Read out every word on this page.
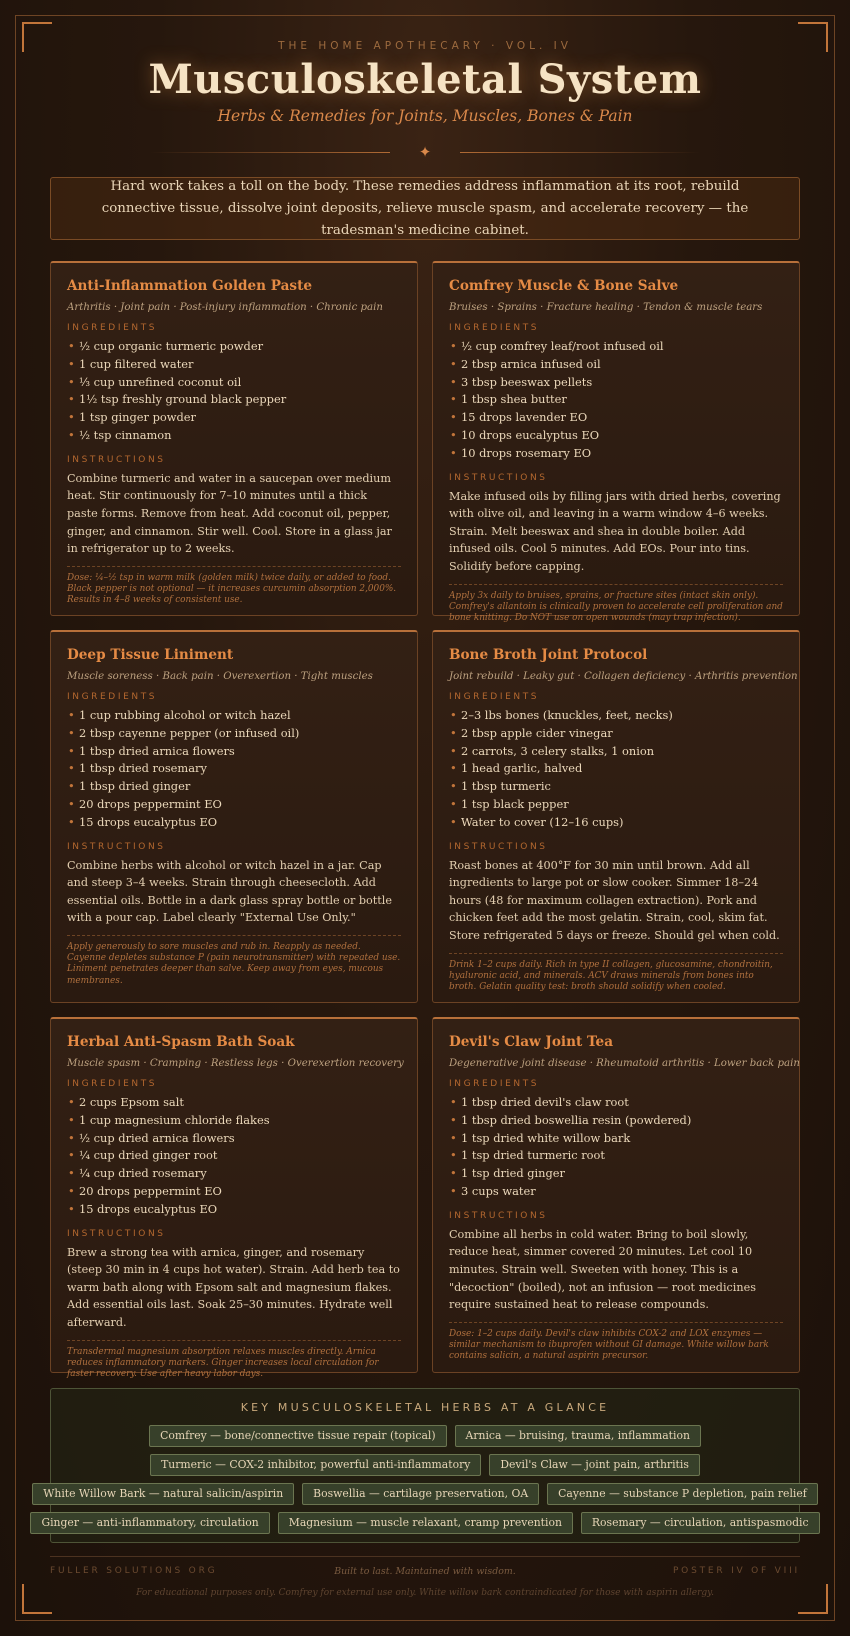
THE HOME APOTHECARY · VOL. IV
Musculoskeletal System
Herbs & Remedies for Joints, Muscles, Bones & Pain
✦

Hard work takes a toll on the body. These remedies address inflammation at its root, rebuild connective tissue, dissolve joint deposits, relieve muscle spasm, and accelerate recovery — the tradesman's medicine cabinet.

Anti-Inflammation Golden Paste
Arthritis · Joint pain · Post-injury inflammation · Chronic pain
INGREDIENTS
• ½ cup organic turmeric powder
• 1 cup filtered water
• ⅓ cup unrefined coconut oil
• 1½ tsp freshly ground black pepper
• 1 tsp ginger powder
• ½ tsp cinnamon
INSTRUCTIONS

Combine turmeric and water in a saucepan over medium heat. Stir continuously for 7–10 minutes until a thick paste forms. Remove from heat. Add coconut oil, pepper, ginger, and cinnamon. Stir well. Cool. Store in a glass jar in refrigerator up to 2 weeks.

Dose: ¼–½ tsp in warm milk (golden milk) twice daily, or added to food. Black pepper is not optional — it increases curcumin absorption 2,000%. Results in 4–8 weeks of consistent use.
Comfrey Muscle & Bone Salve
Bruises · Sprains · Fracture healing · Tendon & muscle tears
INGREDIENTS
• ½ cup comfrey leaf/root infused oil
• 2 tbsp arnica infused oil
• 3 tbsp beeswax pellets
• 1 tbsp shea butter
• 15 drops lavender EO
• 10 drops eucalyptus EO
• 10 drops rosemary EO
INSTRUCTIONS

Make infused oils by filling jars with dried herbs, covering with olive oil, and leaving in a warm window 4–6 weeks. Strain. Melt beeswax and shea in double boiler. Add infused oils. Cool 5 minutes. Add EOs. Pour into tins. Solidify before capping.

Apply 3x daily to bruises, sprains, or fracture sites (intact skin only). Comfrey's allantoin is clinically proven to accelerate cell proliferation and bone knitting. Do NOT use on open wounds (may trap infection).
Deep Tissue Liniment
Muscle soreness · Back pain · Overexertion · Tight muscles
INGREDIENTS
• 1 cup rubbing alcohol or witch hazel
• 2 tbsp cayenne pepper (or infused oil)
• 1 tbsp dried arnica flowers
• 1 tbsp dried rosemary
• 1 tbsp dried ginger
• 20 drops peppermint EO
• 15 drops eucalyptus EO
INSTRUCTIONS

Combine herbs with alcohol or witch hazel in a jar. Cap and steep 3–4 weeks. Strain through cheesecloth. Add essential oils. Bottle in a dark glass spray bottle or bottle with a pour cap. Label clearly "External Use Only."

Apply generously to sore muscles and rub in. Reapply as needed. Cayenne depletes substance P (pain neurotransmitter) with repeated use. Liniment penetrates deeper than salve. Keep away from eyes, mucous membranes.
Bone Broth Joint Protocol
Joint rebuild · Leaky gut · Collagen deficiency · Arthritis prevention
INGREDIENTS
• 2–3 lbs bones (knuckles, feet, necks)
• 2 tbsp apple cider vinegar
• 2 carrots, 3 celery stalks, 1 onion
• 1 head garlic, halved
• 1 tbsp turmeric
• 1 tsp black pepper
• Water to cover (12–16 cups)
INSTRUCTIONS

Roast bones at 400°F for 30 min until brown. Add all ingredients to large pot or slow cooker. Simmer 18–24 hours (48 for maximum collagen extraction). Pork and chicken feet add the most gelatin. Strain, cool, skim fat. Store refrigerated 5 days or freeze. Should gel when cold.

Drink 1–2 cups daily. Rich in type II collagen, glucosamine, chondroitin, hyaluronic acid, and minerals. ACV draws minerals from bones into broth. Gelatin quality test: broth should solidify when cooled.
Herbal Anti-Spasm Bath Soak
Muscle spasm · Cramping · Restless legs · Overexertion recovery
INGREDIENTS
• 2 cups Epsom salt
• 1 cup magnesium chloride flakes
• ½ cup dried arnica flowers
• ¼ cup dried ginger root
• ¼ cup dried rosemary
• 20 drops peppermint EO
• 15 drops eucalyptus EO
INSTRUCTIONS

Brew a strong tea with arnica, ginger, and rosemary (steep 30 min in 4 cups hot water). Strain. Add herb tea to warm bath along with Epsom salt and magnesium flakes. Add essential oils last. Soak 25–30 minutes. Hydrate well afterward.

Transdermal magnesium absorption relaxes muscles directly. Arnica reduces inflammatory markers. Ginger increases local circulation for faster recovery. Use after heavy labor days.
Devil's Claw Joint Tea
Degenerative joint disease · Rheumatoid arthritis · Lower back pain
INGREDIENTS
• 1 tbsp dried devil's claw root
• 1 tbsp dried boswellia resin (powdered)
• 1 tsp dried white willow bark
• 1 tsp dried turmeric root
• 1 tsp dried ginger
• 3 cups water
INSTRUCTIONS

Combine all herbs in cold water. Bring to boil slowly, reduce heat, simmer covered 20 minutes. Let cool 10 minutes. Strain well. Sweeten with honey. This is a "decoction" (boiled), not an infusion — root medicines require sustained heat to release compounds.

Dose: 1–2 cups daily. Devil's claw inhibits COX-2 and LOX enzymes — similar mechanism to ibuprofen without GI damage. White willow bark contains salicin, a natural aspirin precursor.
KEY MUSCULOSKELETAL HERBS AT A GLANCE
Comfrey — bone/connective tissue repair (topical)	Arnica — bruising, trauma, inflammation
Turmeric — COX-2 inhibitor, powerful anti-inflammatory	Devil's Claw — joint pain, arthritis
White Willow Bark — natural salicin/aspirin	Boswellia — cartilage preservation, OA	Cayenne — substance P depletion, pain relief
Ginger — anti-inflammatory, circulation	Magnesium — muscle relaxant, cramp prevention	Rosemary — circulation, antispasmodic
FULLER SOLUTIONS ORG	Built to last. Maintained with wisdom.	POSTER IV OF VIII
For educational purposes only. Comfrey for external use only. White willow bark contraindicated for those with aspirin allergy.
